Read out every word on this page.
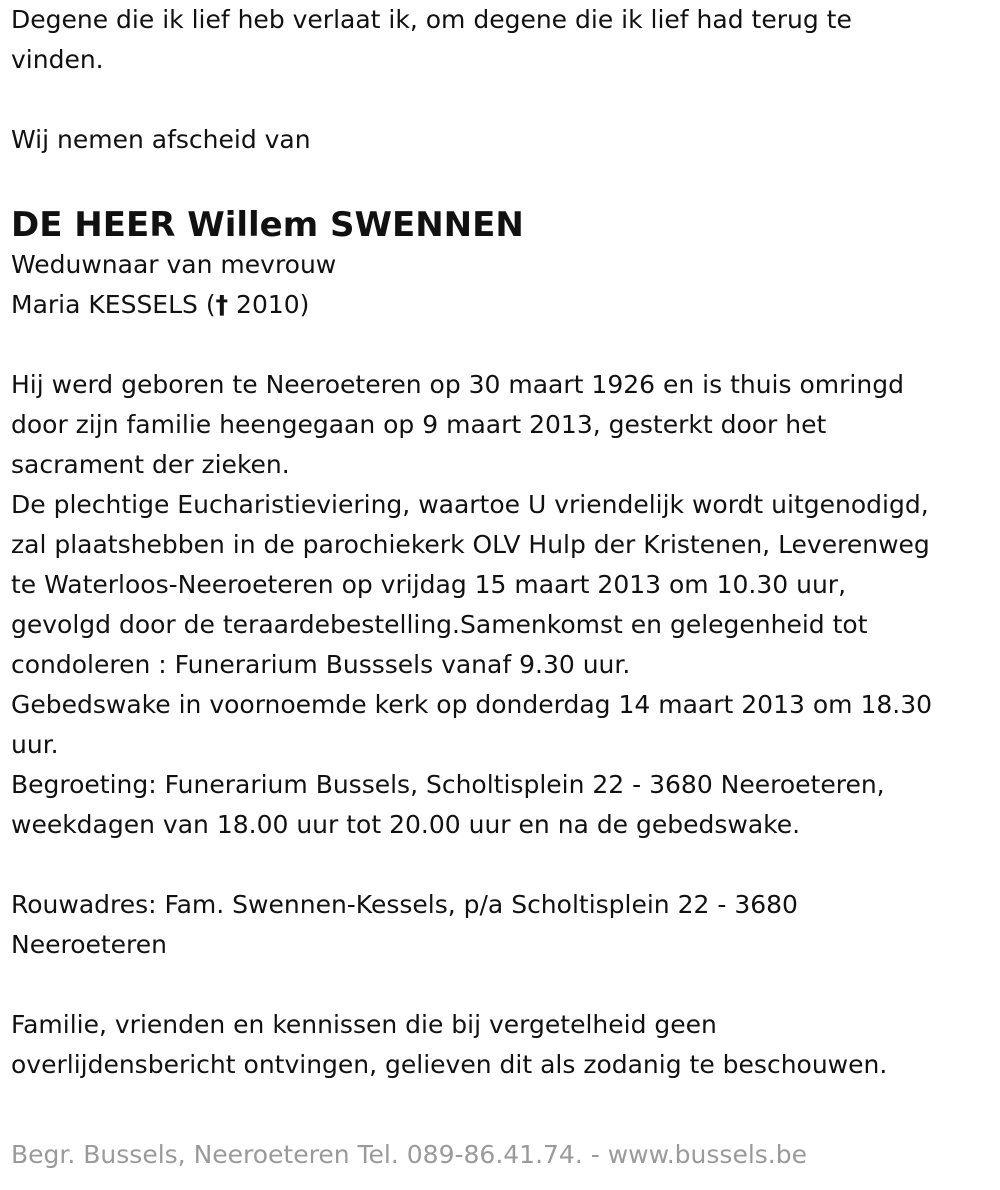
Degene die ik lief heb verlaat ik, om degene die ik lief had terug te

vinden.

Wij nemen afscheid van

DE HEER Willem SWENNEN

Weduwnaar van mevrouw

Maria KESSELS († 2010)

Hij werd geboren te Neeroeteren op 30 maart 1926 en is thuis omringd

door zijn familie heengegaan op 9 maart 2013, gesterkt door het

sacrament der zieken.

De plechtige Eucharistieviering, waartoe U vriendelijk wordt uitgenodigd,

zal plaatshebben in de parochiekerk OLV Hulp der Kristenen, Leverenweg

te Waterloos-Neeroeteren op vrijdag 15 maart 2013 om 10.30 uur,

gevolgd door de teraardebestelling.Samenkomst en gelegenheid tot

condoleren : Funerarium Busssels vanaf 9.30 uur.

Gebedswake in voornoemde kerk op donderdag 14 maart 2013 om 18.30

uur.

Begroeting: Funerarium Bussels, Scholtisplein 22 - 3680 Neeroeteren,

weekdagen van 18.00 uur tot 20.00 uur en na de gebedswake.

Rouwadres: Fam. Swennen-Kessels, p/a Scholtisplein 22 - 3680

Neeroeteren

Familie, vrienden en kennissen die bij vergetelheid geen

overlijdensbericht ontvingen, gelieven dit als zodanig te beschouwen.

Begr. Bussels, Neeroeteren Tel. 089-86.41.74. - www.bussels.be
